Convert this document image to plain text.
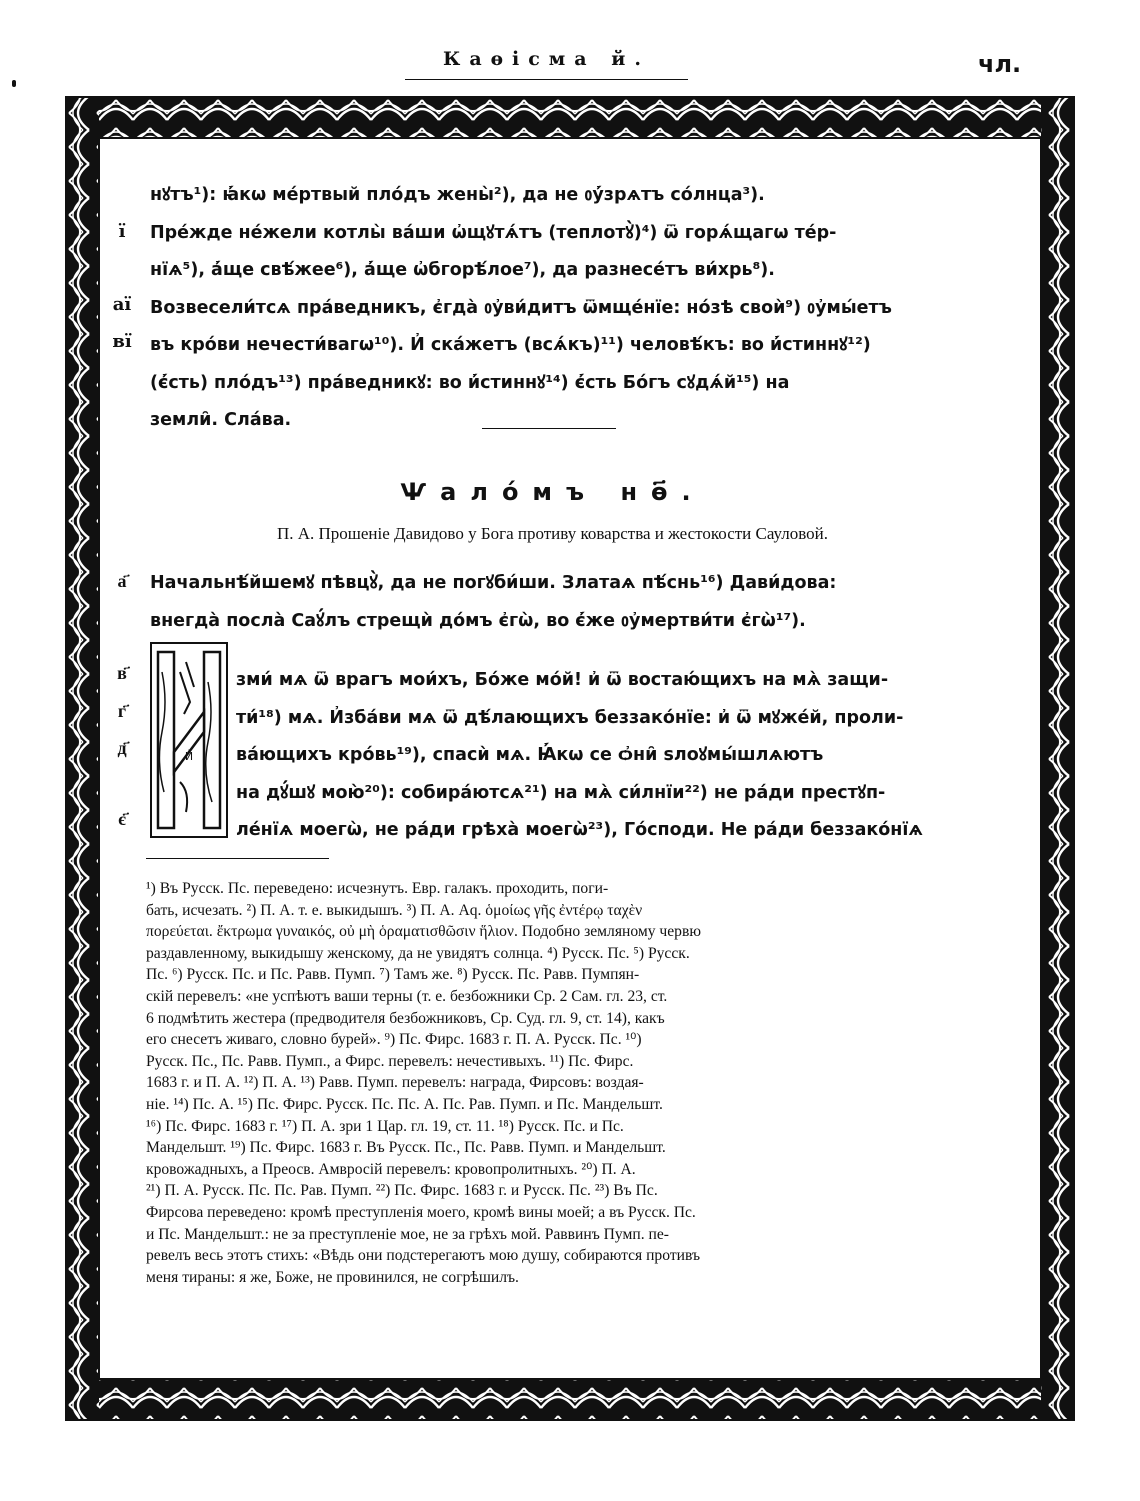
Каѳісма й.	чл.
ї
аї
вї

нꙋтъ¹): ꙗ҆́кѡ ме́ртвый пло́дъ жены̀²), да не ᲂу҆́зрѧтъ со́лнца³).

Пре́жде не́жели котлы̀ ва́ши ѡ҆щꙋтѧ́тъ (теплотꙋ̀)⁴) ѿ горѧ́щагѡ те́р-

нїѧ⁵), а҆́ще свѣ́жее⁶), а҆́ще ѡ҆бгорѣ́лое⁷), да разнесе́тъ ви́хрь⁸).

Возвесели́тсѧ пра́ведникъ, є҆гда̀ ᲂу҆ви́дитъ ѿмще́нїе: но́зѣ своѝ⁹) ᲂу҆мы́етъ

въ кро́ви нечести́вагѡ¹⁰). И҆ ска́жетъ (всѧ́къ)¹¹) человѣ́къ: во и҆́стиннꙋ¹²)

(є҆́сть) пло́дъ¹³) пра́ведникꙋ: во и҆́стиннꙋ¹⁴) є҆́сть Бо́гъ сꙋдѧ́й¹⁵) на

земли̑. Сла́ва.

Ѱало́мъ нѳ҃.
П. А. Прошеніе Давидово у Бога противу коварства и жестокости Сауловой.
а҃	Начальнѣ́йшемꙋ пѣвцꙋ̀, да не погꙋби́ши. Златаѧ пѣ́снь¹⁶) Дави́дова:

внегда̀ посла̀ Саꙋ́лъ стрещѝ до́мъ є҆гѡ̀, во є҆́же ᲂу҆мертви́ти є҆гѡ̀¹⁷).

И҆
в҃
г҃
д҃
є҃

зми́ мѧ ѿ врагъ мои́хъ, Бо́же мо́й! и҆ ѿ востаю́щихъ на мѧ̀ защи-

ти́¹⁸) мѧ. И҆зба́ви мѧ ѿ дѣ́лающихъ беззако́нїе: и҆ ѿ мꙋже́й, проли-

ва́ющихъ кро́вь¹⁹), спасѝ мѧ. Ꙗ҆́кѡ се ѻ҆ни̑ ѕлоꙋмы́шлѧютъ

на дꙋ́шꙋ мою̀²⁰): собира́ютсѧ²¹) на мѧ̀ си́лнїи²²) не ра́ди престꙋп-

ле́нїѧ моегѡ̀, не ра́ди грѣха̀ моегѡ̀²³), Го́споди. Не ра́ди беззако́нїѧ

¹) Въ Русск. Пс. переведено: исчезнутъ. Евр. галакъ. проходить, поги-
бать, исчезать. ²) П. А. т. е. выкидышъ. ³) П. А. Aq. ὁμοίως γῆς ἐντέρῳ ταχὲν
πορεύεται. ἔκτρωμα γυναικός, οὐ μὴ ὁραματισθῶσιν ἥλιον. Подобно земляному червю
раздавленному, выкидышу женскому, да не увидятъ солнца. ⁴) Русск. Пс. ⁵) Русск.
Пс. ⁶) Русск. Пс. и Пс. Равв. Пумп. ⁷) Тамъ же. ⁸) Русск. Пс. Равв. Пумпян-
скій перевелъ: «не успѣютъ ваши терны (т. е. безбожники Ср. 2 Сам. гл. 23, ст.
6 подмѣтить жестера (предводителя безбожниковъ, Ср. Суд. гл. 9, ст. 14), какъ
его снесетъ живаго, словно бурей». ⁹) Пс. Фирс. 1683 г. П. А. Русск. Пс. ¹⁰)
Русск. Пс., Пс. Равв. Пумп., а Фирс. перевелъ: нечестивыхъ. ¹¹) Пс. Фирс.
1683 г. и П. А. ¹²) П. А. ¹³) Равв. Пумп. перевелъ: награда, Фирсовъ: воздая-
ніе. ¹⁴) Пс. А. ¹⁵) Пс. Фирс. Русск. Пс. Пс. А. Пс. Рав. Пумп. и Пс. Мандельшт.
¹⁶) Пс. Фирс. 1683 г. ¹⁷) П. А. зри 1 Цар. гл. 19, ст. 11. ¹⁸) Русск. Пс. и Пс.
Мандельшт. ¹⁹) Пс. Фирс. 1683 г. Въ Русск. Пс., Пс. Равв. Пумп. и Мандельшт.
кровожадныхъ, а Преосв. Амвросій перевелъ: кровопролитныхъ. ²⁰) П. А.
²¹) П. А. Русск. Пс. Пс. Рав. Пумп. ²²) Пс. Фирс. 1683 г. и Русск. Пс. ²³) Въ Пс.
Фирсова переведено: кромѣ преступленія моего, кромѣ вины моей; а въ Русск. Пс.
и Пс. Мандельшт.: не за преступленіе мое, не за грѣхъ мой. Раввинъ Пумп. пе-
ревелъ весь этотъ стихъ: «Вѣдь они подстерегаютъ мою душу, собираются противъ
меня тираны: я же, Боже, не провинился, не согрѣшилъ.
